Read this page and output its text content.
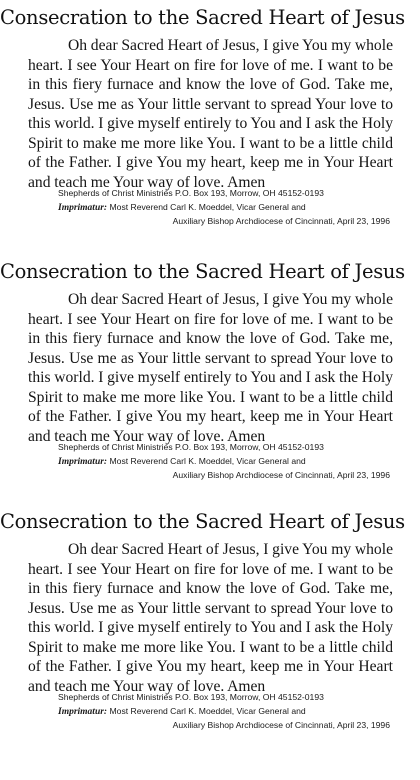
Consecration to the Sacred Heart of Jesus

Oh dear Sacred Heart of Jesus, I give You my whole heart. I see Your Heart on fire for love of me. I want to be in this fiery furnace and know the love of God. Take me, Jesus. Use me as Your little servant to spread Your love to this world. I give myself entirely to You and I ask the Holy Spirit to make me more like You. I want to be a little child of the Father. I give You my heart, keep me in Your Heart and teach me Your way of love. Amen

Shepherds of Christ Ministries P.O. Box 193, Morrow, OH 45152-0193
Imprimatur: Most Reverend Carl K. Moeddel, Vicar General and
Auxiliary Bishop Archdiocese of Cincinnati, April 23, 1996
Consecration to the Sacred Heart of Jesus

Oh dear Sacred Heart of Jesus, I give You my whole heart. I see Your Heart on fire for love of me. I want to be in this fiery furnace and know the love of God. Take me, Jesus. Use me as Your little servant to spread Your love to this world. I give myself entirely to You and I ask the Holy Spirit to make me more like You. I want to be a little child of the Father. I give You my heart, keep me in Your Heart and teach me Your way of love. Amen

Shepherds of Christ Ministries P.O. Box 193, Morrow, OH 45152-0193
Imprimatur: Most Reverend Carl K. Moeddel, Vicar General and
Auxiliary Bishop Archdiocese of Cincinnati, April 23, 1996
Consecration to the Sacred Heart of Jesus

Oh dear Sacred Heart of Jesus, I give You my whole heart. I see Your Heart on fire for love of me. I want to be in this fiery furnace and know the love of God. Take me, Jesus. Use me as Your little servant to spread Your love to this world. I give myself entirely to You and I ask the Holy Spirit to make me more like You. I want to be a little child of the Father. I give You my heart, keep me in Your Heart and teach me Your way of love. Amen

Shepherds of Christ Ministries P.O. Box 193, Morrow, OH 45152-0193
Imprimatur: Most Reverend Carl K. Moeddel, Vicar General and
Auxiliary Bishop Archdiocese of Cincinnati, April 23, 1996
